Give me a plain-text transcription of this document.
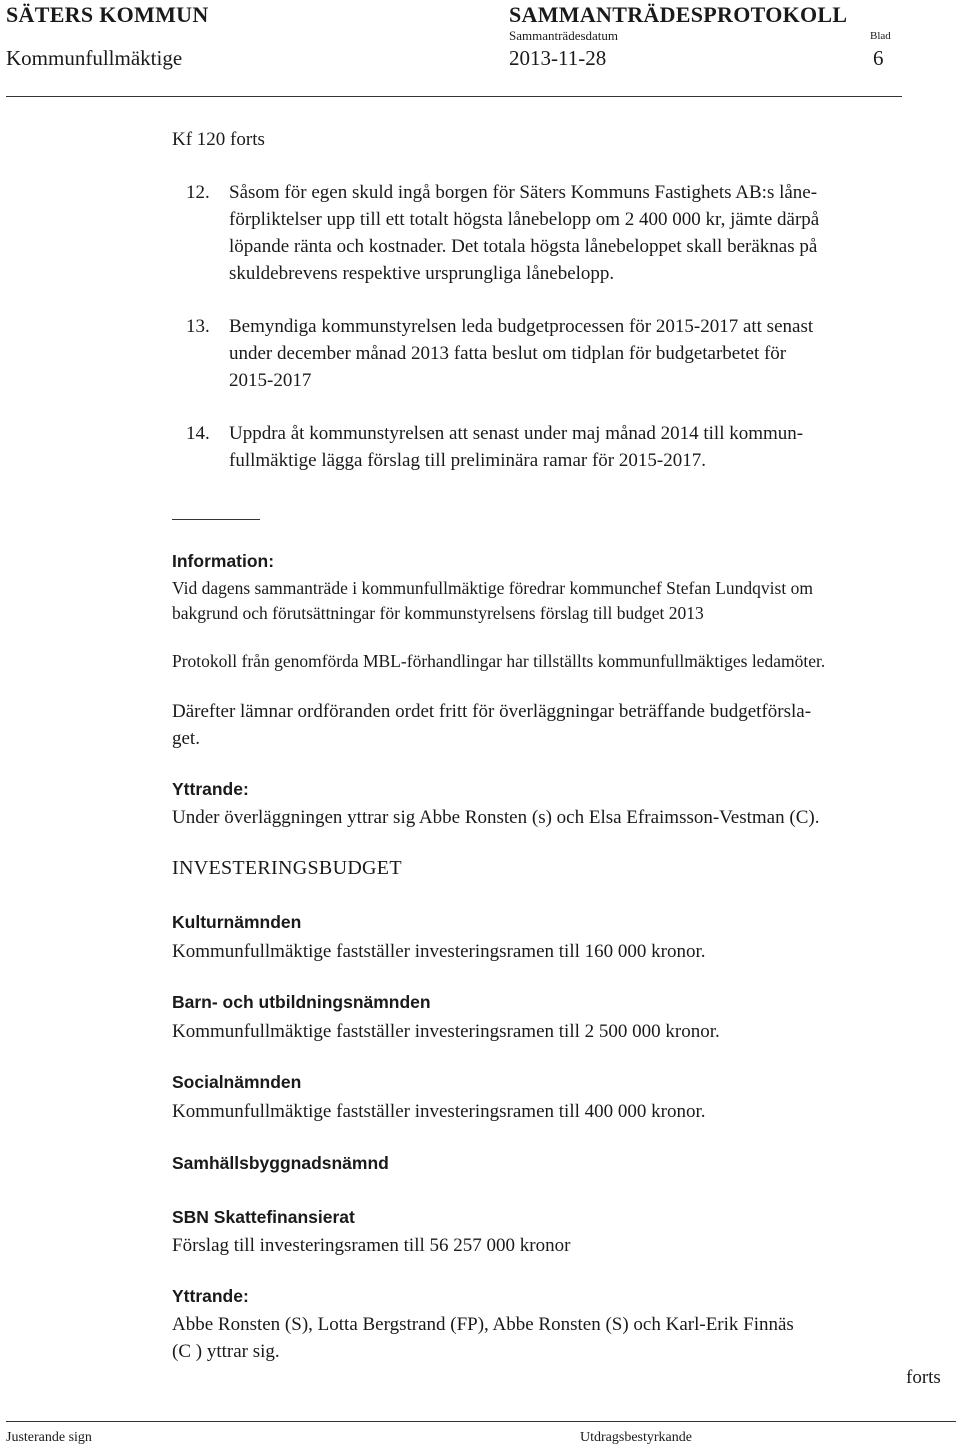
SÄTERS KOMMUN	SAMMANTRÄDESPROTOKOLL
Kommunfullmäktige
Sammanträdesdatum
2013-11-28
Blad
6
Kf 120 forts
12. Såsom för egen skuld ingå borgen för Säters Kommuns Fastighets AB:s låne-
förpliktelser upp till ett totalt högsta lånebelopp om 2 400 000 kr, jämte därpå
löpande ränta och kostnader. Det totala högsta lånebeloppet skall beräknas på
skuldebrevens respektive ursprungliga lånebelopp.
13. Bemyndiga kommunstyrelsen leda budgetprocessen för 2015-2017 att senast
under december månad 2013 fatta beslut om tidplan för budgetarbetet för
2015-2017
14. Uppdra åt kommunstyrelsen att senast under maj månad 2014 till kommun-
fullmäktige lägga förslag till preliminära ramar för 2015-2017.
Information:
Vid dagens sammanträde i kommunfullmäktige föredrar kommunchef Stefan Lundqvist om
bakgrund och förutsättningar för kommunstyrelsens förslag till budget 2013
Protokoll från genomförda MBL-förhandlingar har tillställts kommunfullmäktiges ledamöter.
Därefter lämnar ordföranden ordet fritt för överläggningar beträffande budgetförsla-
get.
Yttrande:
Under överläggningen yttrar sig Abbe Ronsten (s) och Elsa Efraimsson-Vestman (C).
INVESTERINGSBUDGET
Kulturnämnden
Kommunfullmäktige fastställer investeringsramen till 160 000 kronor.
Barn- och utbildningsnämnden
Kommunfullmäktige fastställer investeringsramen till 2 500 000 kronor.
Socialnämnden
Kommunfullmäktige fastställer investeringsramen till 400 000 kronor.
Samhällsbyggnadsnämnd
SBN Skattefinansierat
Förslag till investeringsramen till 56 257 000 kronor
Yttrande:
Abbe Ronsten (S), Lotta Bergstrand (FP), Abbe Ronsten (S) och Karl-Erik Finnäs
(C ) yttrar sig.
forts
Justerande sign	Utdragsbestyrkande
